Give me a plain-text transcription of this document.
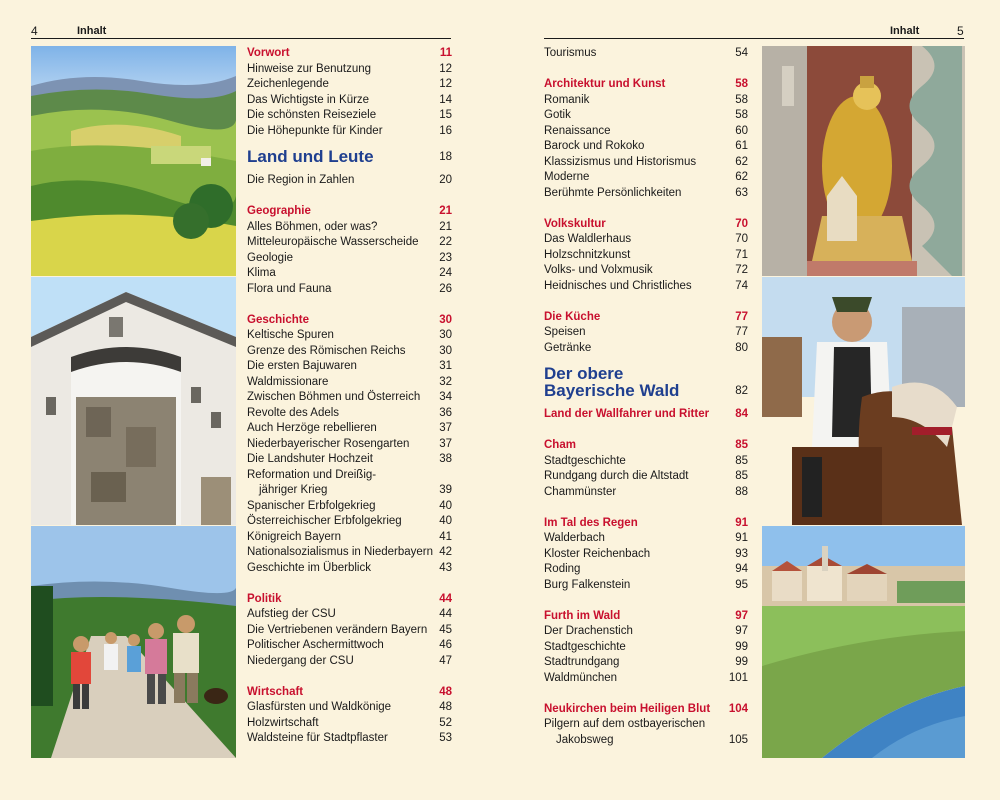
4	Inhalt	Inhalt	5
Vorwort	11
Hinweise zur Benutzung	12
Zeichenlegende	12
Das Wichtigste in Kürze	14
Die schönsten Reiseziele	15
Die Höhepunkte für Kinder	16
Land und Leute	18
Die Region in Zahlen	20
Geographie	21
Alles Böhmen, oder was?	21
Mitteleuropäische Wasserscheide 22
Geologie	23
Klima	24
Flora und Fauna	26
Geschichte	30
Keltische Spuren	30
Grenze des Römischen Reichs	30
Die ersten Bajuwaren	31
Waldmissionare	32
Zwischen Böhmen und Österreich 34
Revolte des Adels	36
Auch Herzöge rebellieren	37
Niederbayerischer Rosengarten	37
Die Landshuter Hochzeit	38
Reformation und Dreißig-
jähriger Krieg	39
Spanischer Erbfolgekrieg	40
Österreichischer Erbfolgekrieg	40
Königreich Bayern	41
Nationalsozialismus in Niederbayern 42
Geschichte im Überblick	43
Politik	44
Aufstieg der CSU	44
Die Vertriebenen verändern Bayern 45
Politischer Aschermittwoch	46
Niedergang der CSU	47
Wirtschaft	48
Glasfürsten und Waldkönige	48
Holzwirtschaft	52
Waldsteine für Stadtpflaster	53
Tourismus	54
Architektur und Kunst	58
Romanik	58
Gotik	58
Renaissance	60
Barock und Rokoko	61
Klassizismus und Historismus	62
Moderne	62
Berühmte Persönlichkeiten	63
Volkskultur	70
Das Waldlerhaus	70
Holzschnitzkunst	71
Volks- und Volxmusik	72
Heidnisches und Christliches	74
Die Küche	77
Speisen	77
Getränke	80
Der obere
Bayerische Wald	82
Land der Wallfahrer und Ritter 84
Cham	85
Stadtgeschichte	85
Rundgang durch die Altstadt	85
Chammünster	88
Im Tal des Regen	91
Walderbach	91
Kloster Reichenbach	93
Roding	94
Burg Falkenstein	95
Furth im Wald	97
Der Drachenstich	97
Stadtgeschichte	99
Stadtrundgang	99
Waldmünchen	101
Neukirchen beim Heiligen Blut 104
Pilgern auf dem ostbayerischen
Jakobsweg	105
